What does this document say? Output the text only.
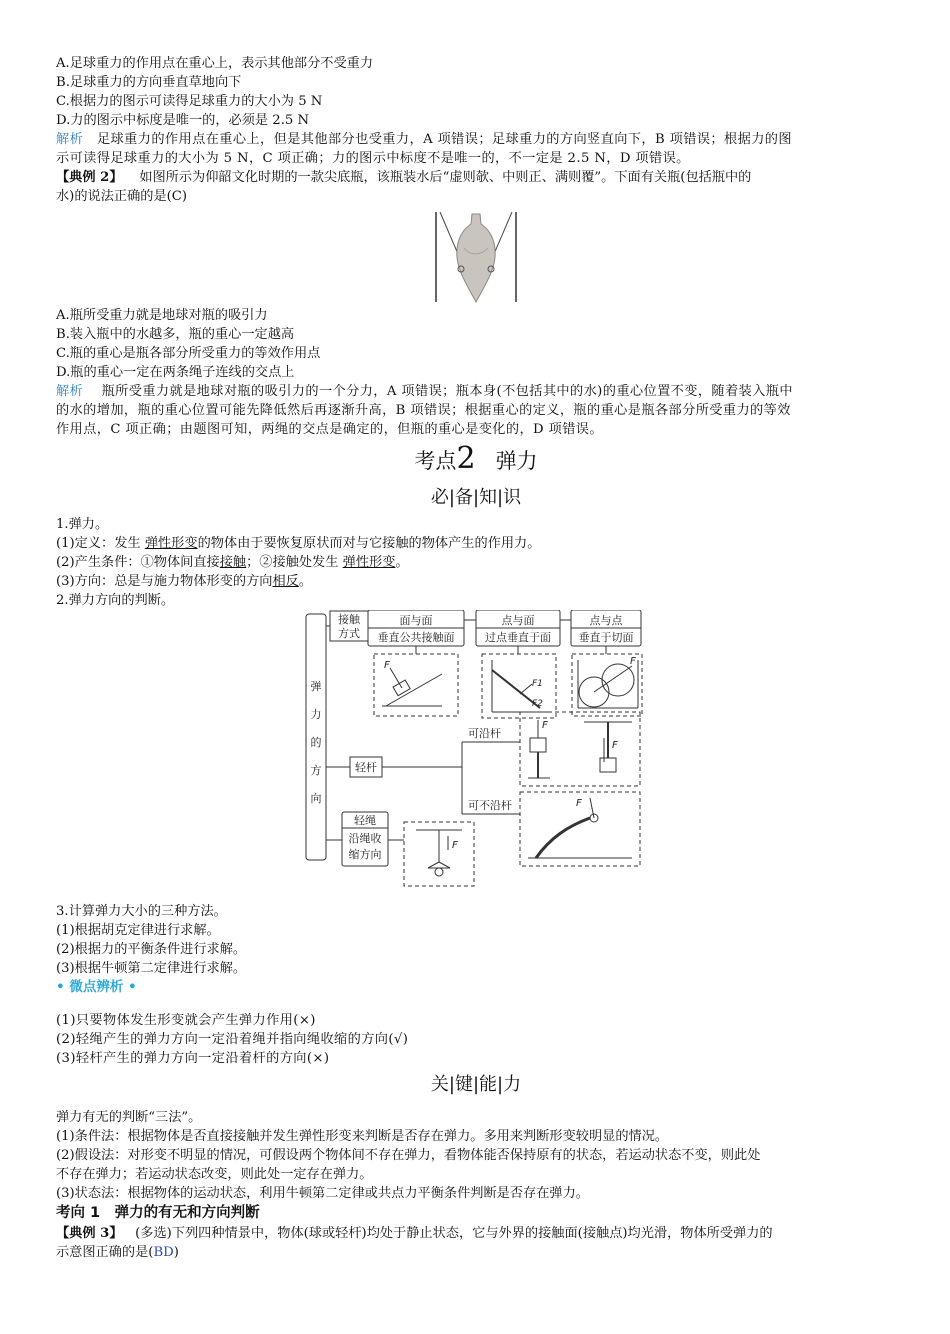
A.足球重力的作用点在重心上，表示其他部分不受重力

B.足球重力的方向垂直草地向下

C.根据力的图示可读得足球重力的大小为 5 N

D.力的图示中标度是唯一的，必须是 2.5 N

解析 足球重力的作用点在重心上，但是其他部分也受重力，A 项错误；足球重力的方向竖直向下，B 项错误；根据力的图

示可读得足球重力的大小为 5 N，C 项正确；力的图示中标度不是唯一的，不一定是 2.5 N，D 项错误。

【典例 2】 如图所示为仰韶文化时期的一款尖底瓶，该瓶装水后“虚则欹、中则正、满则覆”。下面有关瓶(包括瓶中的

水)的说法正确的是(C)

A.瓶所受重力就是地球对瓶的吸引力

B.装入瓶中的水越多，瓶的重心一定越高

C.瓶的重心是瓶各部分所受重力的等效作用点

D.瓶的重心一定在两条绳子连线的交点上

解析 瓶所受重力就是地球对瓶的吸引力的一个分力，A 项错误；瓶本身(不包括其中的水)的重心位置不变，随着装入瓶中

的水的增加，瓶的重心位置可能先降低然后再逐渐升高，B 项错误；根据重心的定义，瓶的重心是瓶各部分所受重力的等效

作用点，C 项正确；由题图可知，两绳的交点是确定的，但瓶的重心是变化的，D 项错误。

考点2 弹力

必|备|知|识

1.弹力。

(1)定义：发生 弹性形变的物体由于要恢复原状而对与它接触的物体产生的作用力。

(2)产生条件：①物体间直接接触；②接触处发生 弹性形变。

(3)方向：总是与施力物体形变的方向相反。

2.弹力方向的判断。

弹
力
的
方
向
接触
方式
面与面
垂直公共接触面
点与面
过点垂直于面
点与点
垂直于切面
F
F1
F2
F
轻杆
可沿杆
可不沿杆
F
F
F
轻绳
沿绳收
缩方向
F

3.计算弹力大小的三种方法。

(1)根据胡克定律进行求解。

(2)根据力的平衡条件进行求解。

(3)根据牛顿第二定律进行求解。

• 微点辨析 •

(1)只要物体发生形变就会产生弹力作用(×)

(2)轻绳产生的弹力方向一定沿着绳并指向绳收缩的方向(√)

(3)轻杆产生的弹力方向一定沿着杆的方向(×)

关|键|能|力

弹力有无的判断“三法”。

(1)条件法：根据物体是否直接接触并发生弹性形变来判断是否存在弹力。多用来判断形变较明显的情况。

(2)假设法：对形变不明显的情况，可假设两个物体间不存在弹力，看物体能否保持原有的状态，若运动状态不变，则此处

不存在弹力；若运动状态改变，则此处一定存在弹力。

(3)状态法：根据物体的运动状态，利用牛顿第二定律或共点力平衡条件判断是否存在弹力。

考向 1　弹力的有无和方向判断

【典例 3】 (多选)下列四种情景中，物体(球或轻杆)均处于静止状态，它与外界的接触面(接触点)均光滑，物体所受弹力的

示意图正确的是(BD)
